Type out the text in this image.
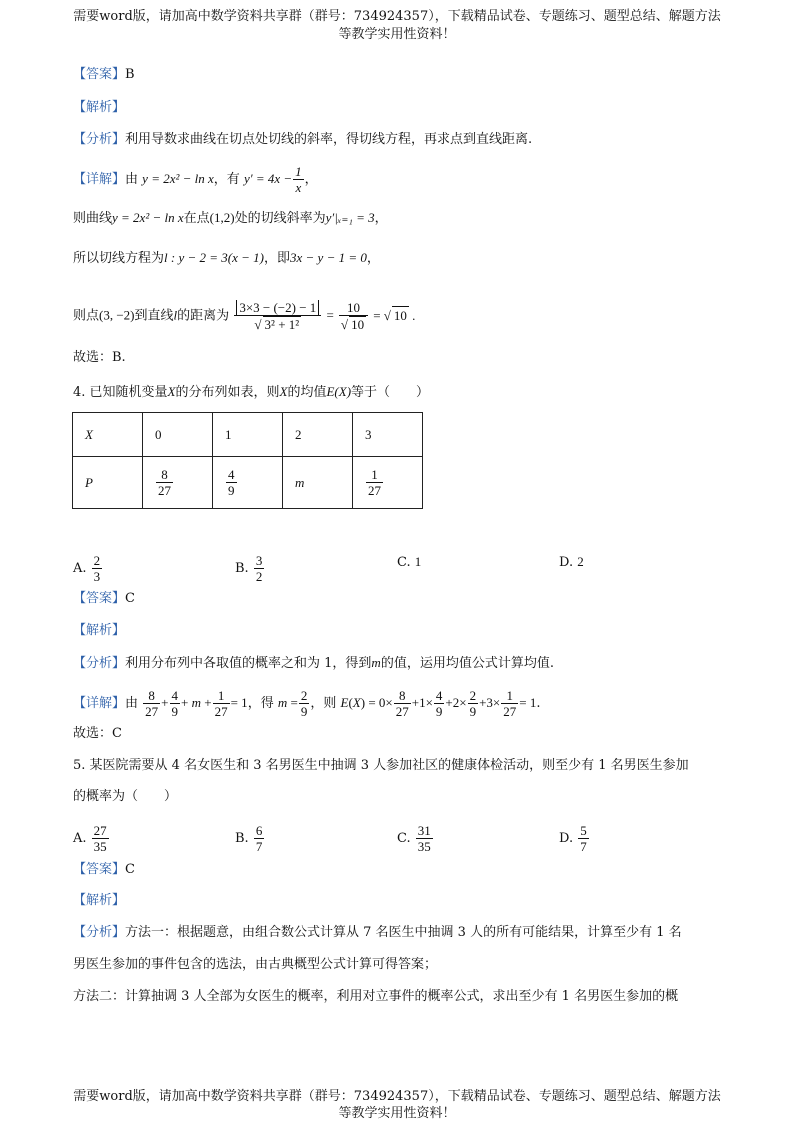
需要word版，请加高中数学资料共享群（群号：734924357），下载精品试卷、专题练习、题型总结、解题方法
等教学实用性资料！
【答案】B
【解析】
【分析】利用导数求曲线在切点处切线的斜率，得切线方程，再求点到直线距离.
【详解】由 y = 2x² − ln x，有 $y' = 4x - \frac{1}{x}$ ，
则曲线y = 2x² − ln x在点(1,2)处的切线斜率为y′|ₓ₌₁ = 3，
所以切线方程为l : y − 2 = 3(x − 1)，即3x − y − 1 = 0，
则点(3, −2)到直线l的距离为 $\frac{3\times 3 - (-2) - 1}{\text{√ 3² + 1²}} = \frac{10}{√ 10}$ = √ 10 .
故选：B.
4. 已知随机变量X的分布列如表，则X的均值E(X)等于（　　）
X	0	1	2	3
P	$\frac{8}{27}$	$\frac{4}{9}$	m	$\frac{1}{27}$
A. $\frac{2}{3}$	B. $\frac{3}{2}$	C. 1	D. 2
【答案】C
【解析】
【分析】利用分布列中各取值的概率之和为 1，得到m的值，运用均值公式计算均值.
【详解】由 $\frac{8}{27} + \frac{4}{9} + m + \frac{1}{27} = 1$，得 $m = \frac{2}{9}$ ，则 $E(X) = 0\times \frac{8}{27} +1\times \frac{4}{9} +2\times \frac{2}{9} +3\times \frac{1}{27} = 1$.
故选：C
5. 某医院需要从 4 名女医生和 3 名男医生中抽调 3 人参加社区的健康体检活动，则至少有 1 名男医生参加
的概率为（　　）
A. $\frac{27}{35}$	B. $\frac{6}{7}$	C. $\frac{31}{35}$	D. $\frac{5}{7}$
【答案】C
【解析】
【分析】方法一：根据题意，由组合数公式计算从 7 名医生中抽调 3 人的所有可能结果，计算至少有 1 名
男医生参加的事件包含的选法，由古典概型公式计算可得答案；
方法二：计算抽调 3 人全部为女医生的概率，利用对立事件的概率公式，求出至少有 1 名男医生参加的概
需要word版，请加高中数学资料共享群（群号：734924357），下载精品试卷、专题练习、题型总结、解题方法
等教学实用性资料！
